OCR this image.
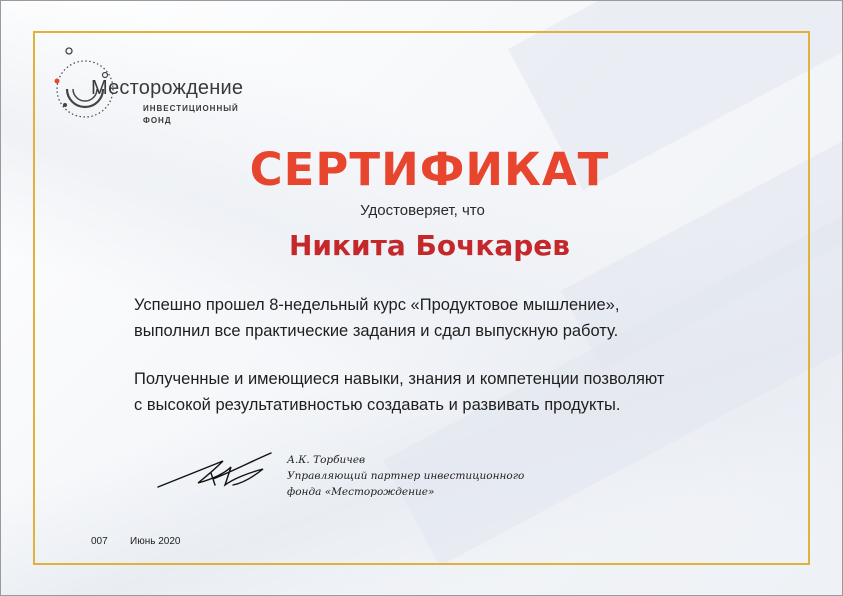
Месторождение
ИНВЕСТИЦИОННЫЙ
ФОНД
СЕРТИФИКАТ
Удостоверяет, что
Никита Бочкарев
Успешно прошел 8-недельный курс «Продуктовое мышление»,
выполнил все практические задания и сдал выпускную работу.
Полученные и имеющиеся навыки, знания и компетенции позволяют
с высокой результативностью создавать и развивать продукты.
А.К. Торбичев
Управляющий партнер инвестиционного
фонда «Месторождение»
007 Июнь 2020
